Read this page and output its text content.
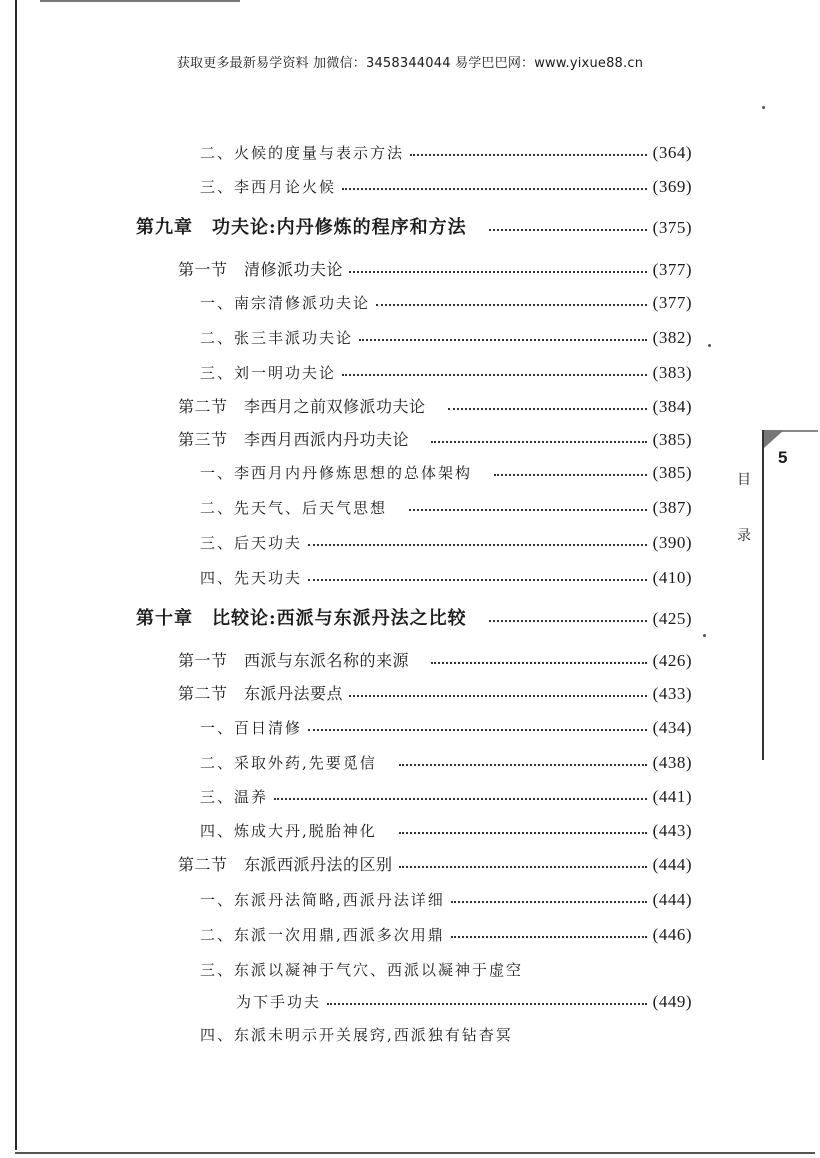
获取更多最新易学资料 加微信：3458344044 易学巴巴网：www.yixue88.cn
二、火候的度量与表示方法	(364)
三、李西月论火候	(369)
第九章　功夫论:内丹修炼的程序和方法	(375)
第一节　清修派功夫论	(377)
一、南宗清修派功夫论	(377)
二、张三丰派功夫论	(382)
三、刘一明功夫论	(383)
第二节　李西月之前双修派功夫论	(384)
第三节　李西月西派内丹功夫论	(385)
一、李西月内丹修炼思想的总体架构	(385)
二、先天气、后天气思想	(387)
三、后天功夫	(390)
四、先天功夫	(410)
第十章　比较论:西派与东派丹法之比较	(425)
第一节　西派与东派名称的来源	(426)
第二节　东派丹法要点	(433)
一、百日清修	(434)
二、采取外药,先要觅信	(438)
三、温养	(441)
四、炼成大丹,脱胎神化	(443)
第二节　东派西派丹法的区别	(444)
一、东派丹法简略,西派丹法详细	(444)
二、东派一次用鼎,西派多次用鼎	(446)
三、东派以凝神于气穴、西派以凝神于虚空
为下手功夫	(449)
四、东派未明示开关展窍,西派独有钻杳冥
5
目
录
